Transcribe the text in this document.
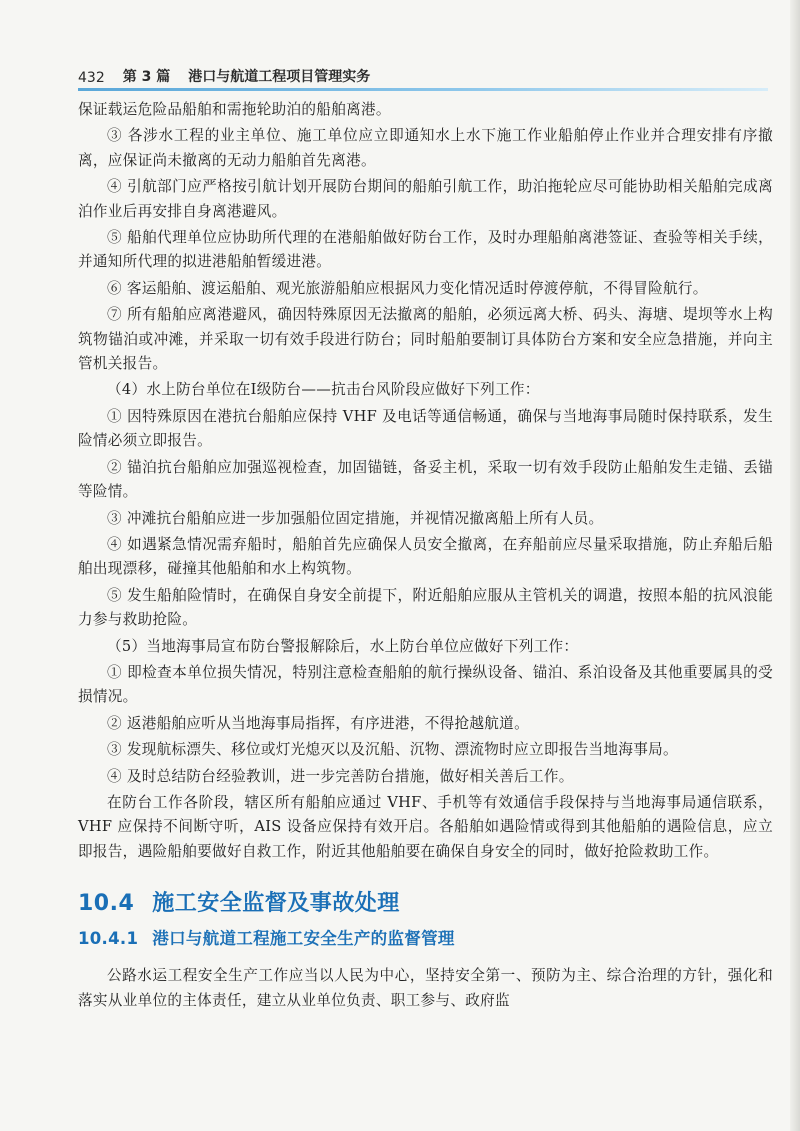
432 第 3 篇 港口与航道工程项目管理实务

保证载运危险品船舶和需拖轮助泊的船舶离港。

③ 各涉水工程的业主单位、施工单位应立即通知水上水下施工作业船舶停止作业并合理安排有序撤离，应保证尚未撤离的无动力船舶首先离港。

④ 引航部门应严格按引航计划开展防台期间的船舶引航工作，助泊拖轮应尽可能协助相关船舶完成离泊作业后再安排自身离港避风。

⑤ 船舶代理单位应协助所代理的在港船舶做好防台工作，及时办理船舶离港签证、查验等相关手续，并通知所代理的拟进港船舶暂缓进港。

⑥ 客运船舶、渡运船舶、观光旅游船舶应根据风力变化情况适时停渡停航，不得冒险航行。

⑦ 所有船舶应离港避风，确因特殊原因无法撤离的船舶，必须远离大桥、码头、海塘、堤坝等水上构筑物锚泊或冲滩，并采取一切有效手段进行防台；同时船舶要制订具体防台方案和安全应急措施，并向主管机关报告。

（4）水上防台单位在Ⅰ级防台——抗击台风阶段应做好下列工作：

① 因特殊原因在港抗台船舶应保持 VHF 及电话等通信畅通，确保与当地海事局随时保持联系，发生险情必须立即报告。

② 锚泊抗台船舶应加强巡视检查，加固锚链，备妥主机，采取一切有效手段防止船舶发生走锚、丢锚等险情。

③ 冲滩抗台船舶应进一步加强船位固定措施，并视情况撤离船上所有人员。

④ 如遇紧急情况需弃船时，船舶首先应确保人员安全撤离，在弃船前应尽量采取措施，防止弃船后船舶出现漂移，碰撞其他船舶和水上构筑物。

⑤ 发生船舶险情时，在确保自身安全前提下，附近船舶应服从主管机关的调遣，按照本船的抗风浪能力参与救助抢险。

（5）当地海事局宣布防台警报解除后，水上防台单位应做好下列工作：

① 即检查本单位损失情况，特别注意检查船舶的航行操纵设备、锚泊、系泊设备及其他重要属具的受损情况。

② 返港船舶应听从当地海事局指挥，有序进港，不得抢越航道。

③ 发现航标漂失、移位或灯光熄灭以及沉船、沉物、漂流物时应立即报告当地海事局。

④ 及时总结防台经验教训，进一步完善防台措施，做好相关善后工作。

在防台工作各阶段，辖区所有船舶应通过 VHF、手机等有效通信手段保持与当地海事局通信联系，VHF 应保持不间断守听，AIS 设备应保持有效开启。各船舶如遇险情或得到其他船舶的遇险信息，应立即报告，遇险船舶要做好自救工作，附近其他船舶要在确保自身安全的同时，做好抢险救助工作。

10.4 施工安全监督及事故处理
10.4.1 港口与航道工程施工安全生产的监督管理

公路水运工程安全生产工作应当以人民为中心，坚持安全第一、预防为主、综合治理的方针，强化和落实从业单位的主体责任，建立从业单位负责、职工参与、政府监
